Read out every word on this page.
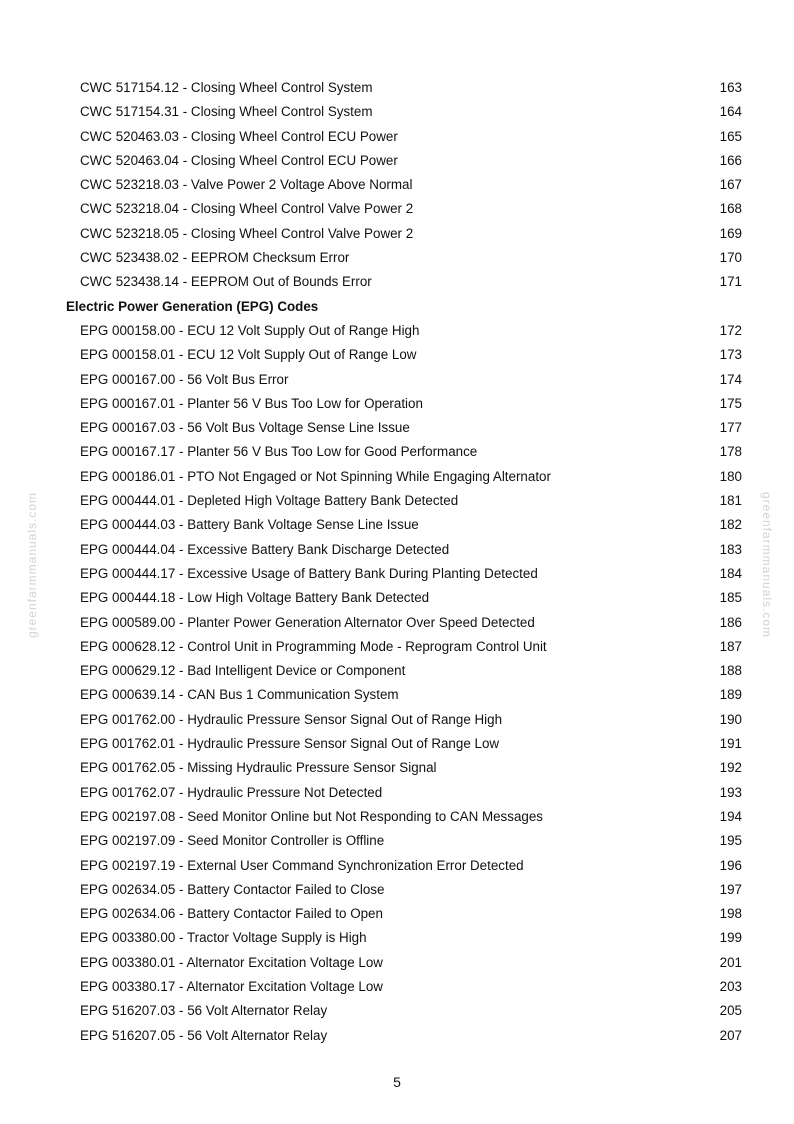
greenfarmmanuals.com	greenfarmmanuals.com
CWC 517154.12 - Closing Wheel Control System	163
CWC 517154.31 - Closing Wheel Control System	164
CWC 520463.03 - Closing Wheel Control ECU Power	165
CWC 520463.04 - Closing Wheel Control ECU Power	166
CWC 523218.03 - Valve Power 2 Voltage Above Normal	167
CWC 523218.04 - Closing Wheel Control Valve Power 2	168
CWC 523218.05 - Closing Wheel Control Valve Power 2	169
CWC 523438.02 - EEPROM Checksum Error	170
CWC 523438.14 - EEPROM Out of Bounds Error	171
Electric Power Generation (EPG) Codes
EPG 000158.00 - ECU 12 Volt Supply Out of Range High	172
EPG 000158.01 - ECU 12 Volt Supply Out of Range Low	173
EPG 000167.00 - 56 Volt Bus Error	174
EPG 000167.01 - Planter 56 V Bus Too Low for Operation	175
EPG 000167.03 - 56 Volt Bus Voltage Sense Line Issue	177
EPG 000167.17 - Planter 56 V Bus Too Low for Good Performance	178
EPG 000186.01 - PTO Not Engaged or Not Spinning While Engaging Alternator	180
EPG 000444.01 - Depleted High Voltage Battery Bank Detected	181
EPG 000444.03 - Battery Bank Voltage Sense Line Issue	182
EPG 000444.04 - Excessive Battery Bank Discharge Detected	183
EPG 000444.17 - Excessive Usage of Battery Bank During Planting Detected	184
EPG 000444.18 - Low High Voltage Battery Bank Detected	185
EPG 000589.00 - Planter Power Generation Alternator Over Speed Detected	186
EPG 000628.12 - Control Unit in Programming Mode - Reprogram Control Unit	187
EPG 000629.12 - Bad Intelligent Device or Component	188
EPG 000639.14 - CAN Bus 1 Communication System	189
EPG 001762.00 - Hydraulic Pressure Sensor Signal Out of Range High	190
EPG 001762.01 - Hydraulic Pressure Sensor Signal Out of Range Low	191
EPG 001762.05 - Missing Hydraulic Pressure Sensor Signal	192
EPG 001762.07 - Hydraulic Pressure Not Detected	193
EPG 002197.08 - Seed Monitor Online but Not Responding to CAN Messages	194
EPG 002197.09 - Seed Monitor Controller is Offline	195
EPG 002197.19 - External User Command Synchronization Error Detected	196
EPG 002634.05 - Battery Contactor Failed to Close	197
EPG 002634.06 - Battery Contactor Failed to Open	198
EPG 003380.00 - Tractor Voltage Supply is High	199
EPG 003380.01 - Alternator Excitation Voltage Low	201
EPG 003380.17 - Alternator Excitation Voltage Low	203
EPG 516207.03 - 56 Volt Alternator Relay	205
EPG 516207.05 - 56 Volt Alternator Relay	207
5
